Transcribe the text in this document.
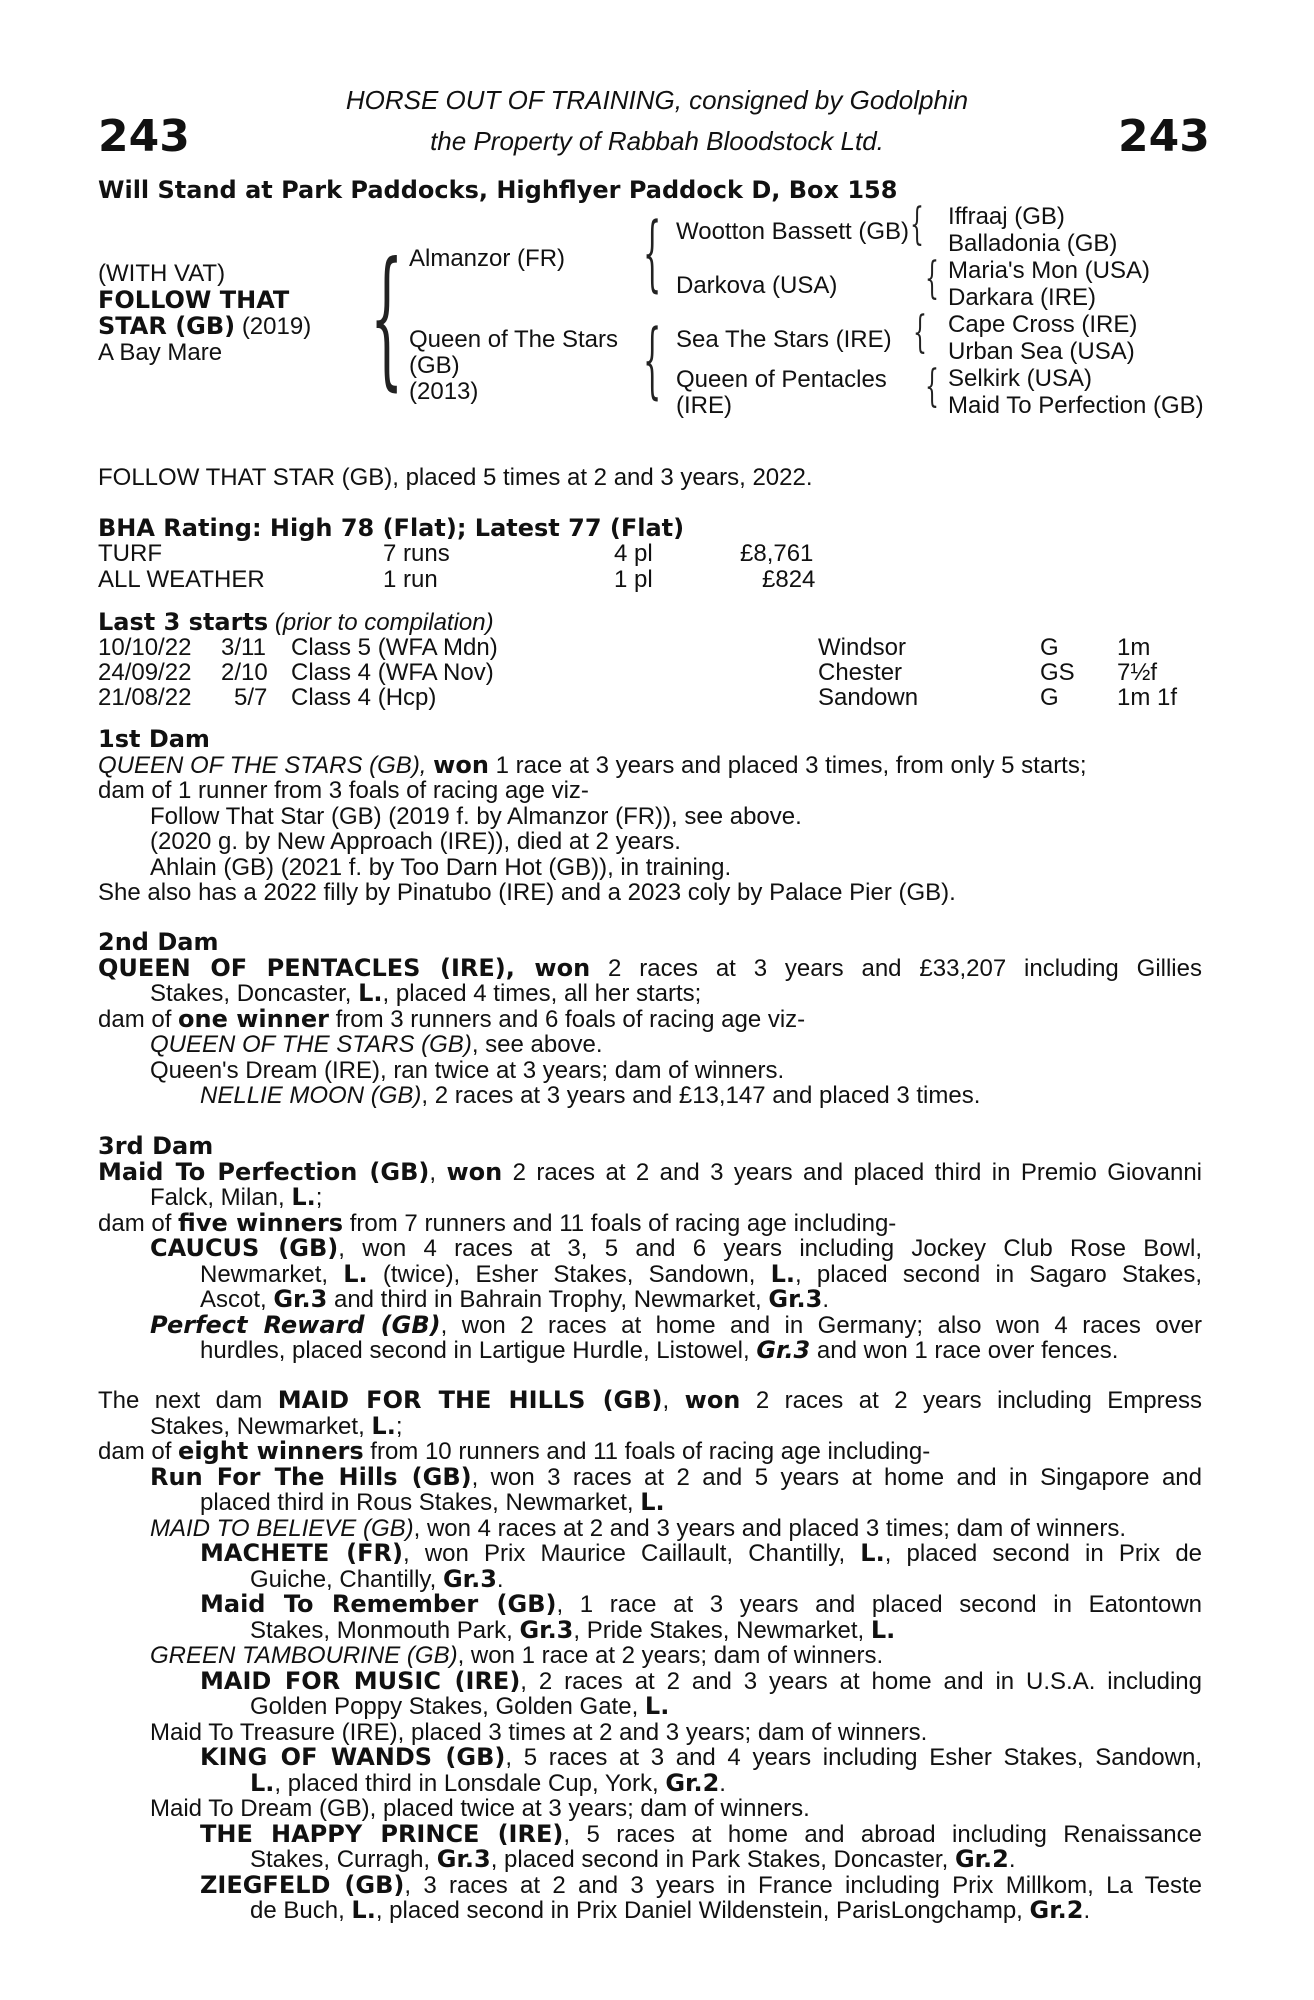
243	243
HORSE OUT OF TRAINING, consigned by Godolphin
the Property of Rabbah Bloodstock Ltd.
Will Stand at Park Paddocks, Highflyer Paddock D, Box 158
(WITH VAT)
FOLLOW THAT
STAR (GB) (2019)
A Bay Mare {	{
{
{
{
{
{
Almanzor (FR)
Queen of The Stars
(GB)
(2013)
Wootton Bassett (GB)
Darkova (USA)
Sea The Stars (IRE)
Queen of Pentacles
(IRE)
Iffraaj (GB)
Balladonia (GB)
Maria's Mon (USA)
Darkara (IRE)
Cape Cross (IRE)
Urban Sea (USA)
Selkirk (USA)
Maid To Perfection (GB)
FOLLOW THAT STAR (GB), placed 5 times at 2 and 3 years, 2022.
BHA Rating: High 78 (Flat); Latest 77 (Flat)
TURF	7 runs	4 pl	£8,761
ALL WEATHER	1 run	1 pl	£824
Last 3 starts (prior to compilation)
10/10/22 3/11 Class 5 (WFA Mdn)	Windsor	G 1m
24/09/22 2/10 Class 4 (WFA Nov)	Chester	GS 7½f
21/08/22 5/7 Class 4 (Hcp)	Sandown	G 1m 1f
1st Dam
QUEEN OF THE STARS (GB), won 1 race at 3 years and placed 3 times, from only 5 starts;
dam of 1 runner from 3 foals of racing age viz-
Follow That Star (GB) (2019 f. by Almanzor (FR)), see above.
(2020 g. by New Approach (IRE)), died at 2 years.
Ahlain (GB) (2021 f. by Too Darn Hot (GB)), in training.
She also has a 2022 filly by Pinatubo (IRE) and a 2023 coly by Palace Pier (GB).
2nd Dam
QUEEN OF PENTACLES (IRE), won 2 races at 3 years and £33,207 including Gillies
Stakes, Doncaster, L., placed 4 times, all her starts;
dam of one winner from 3 runners and 6 foals of racing age viz-
QUEEN OF THE STARS (GB), see above.
Queen's Dream (IRE), ran twice at 3 years; dam of winners.
NELLIE MOON (GB), 2 races at 3 years and £13,147 and placed 3 times.
3rd Dam
Maid To Perfection (GB), won 2 races at 2 and 3 years and placed third in Premio Giovanni
Falck, Milan, L.;
dam of five winners from 7 runners and 11 foals of racing age including-
CAUCUS (GB), won 4 races at 3, 5 and 6 years including Jockey Club Rose Bowl,
Newmarket, L. (twice), Esher Stakes, Sandown, L., placed second in Sagaro Stakes,
Ascot, Gr.3 and third in Bahrain Trophy, Newmarket, Gr.3.
Perfect Reward (GB), won 2 races at home and in Germany; also won 4 races over
hurdles, placed second in Lartigue Hurdle, Listowel, Gr.3 and won 1 race over fences.
The next dam MAID FOR THE HILLS (GB), won 2 races at 2 years including Empress
Stakes, Newmarket, L.;
dam of eight winners from 10 runners and 11 foals of racing age including-
Run For The Hills (GB), won 3 races at 2 and 5 years at home and in Singapore and
placed third in Rous Stakes, Newmarket, L.
MAID TO BELIEVE (GB), won 4 races at 2 and 3 years and placed 3 times; dam of winners.
MACHETE (FR), won Prix Maurice Caillault, Chantilly, L., placed second in Prix de
Guiche, Chantilly, Gr.3.
Maid To Remember (GB), 1 race at 3 years and placed second in Eatontown
Stakes, Monmouth Park, Gr.3, Pride Stakes, Newmarket, L.
GREEN TAMBOURINE (GB), won 1 race at 2 years; dam of winners.
MAID FOR MUSIC (IRE), 2 races at 2 and 3 years at home and in U.S.A. including
Golden Poppy Stakes, Golden Gate, L.
Maid To Treasure (IRE), placed 3 times at 2 and 3 years; dam of winners.
KING OF WANDS (GB), 5 races at 3 and 4 years including Esher Stakes, Sandown,
L., placed third in Lonsdale Cup, York, Gr.2.
Maid To Dream (GB), placed twice at 3 years; dam of winners.
THE HAPPY PRINCE (IRE), 5 races at home and abroad including Renaissance
Stakes, Curragh, Gr.3, placed second in Park Stakes, Doncaster, Gr.2.
ZIEGFELD (GB), 3 races at 2 and 3 years in France including Prix Millkom, La Teste
de Buch, L., placed second in Prix Daniel Wildenstein, ParisLongchamp, Gr.2.
